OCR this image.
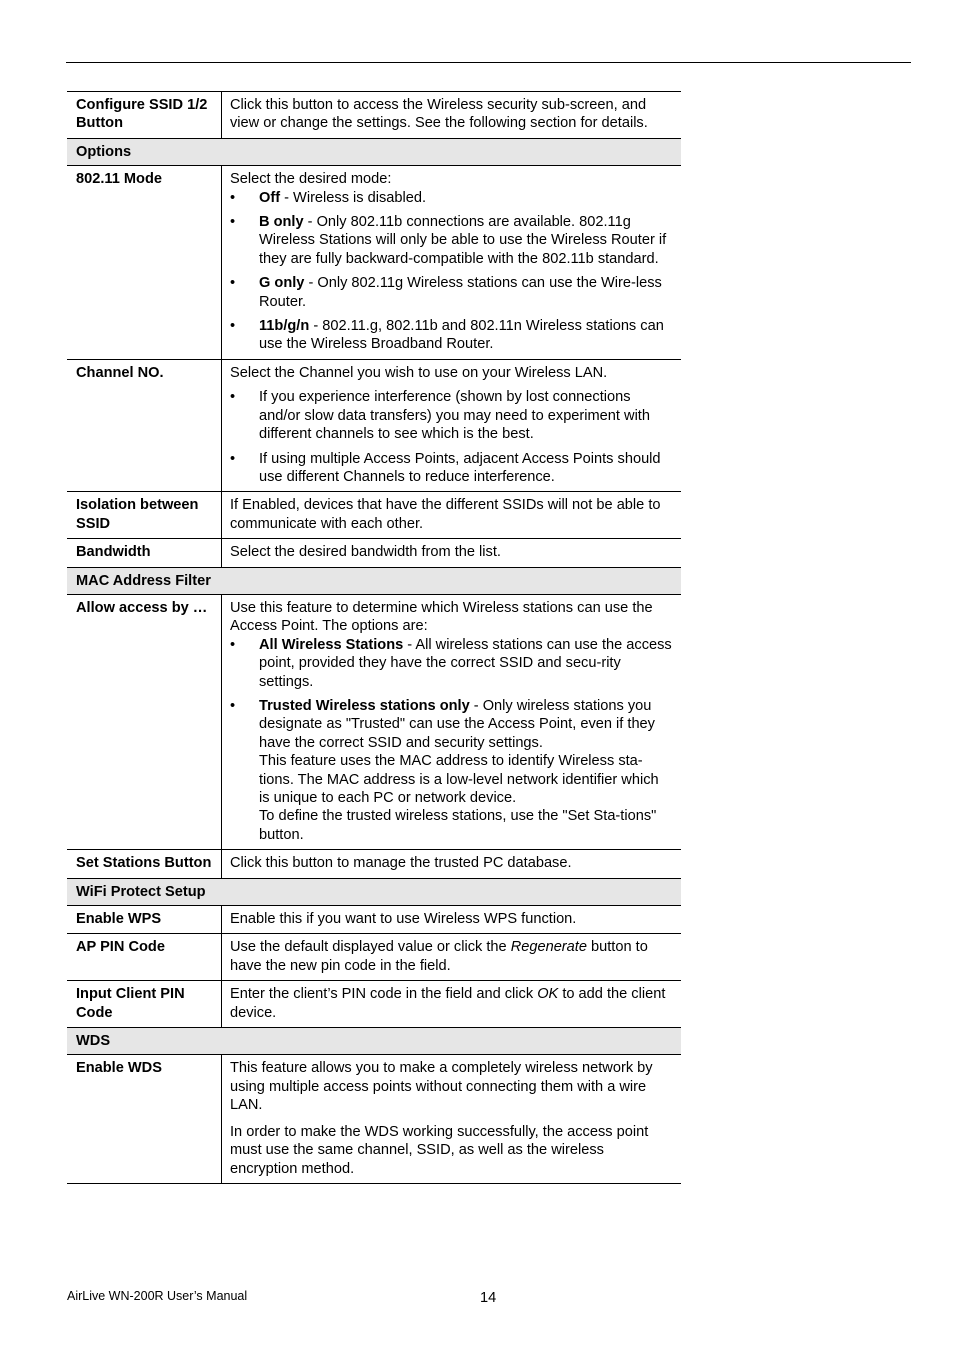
Configure SSID 1/2 Button	Click this button to access the Wireless security sub-screen, and view or change the settings. See the following section for details.
Options	
802.11 Mode	Select the desired mode:
• Off - Wireless is disabled.
• B only - Only 802.11b connections are available. 802.11g Wireless Stations will only be able to use the Wireless Router if they are fully backward-compatible with the 802.11b standard.
• G only - Only 802.11g Wireless stations can use the Wire-less Router.
• 11b/g/n - 802.11.g, 802.11b and 802.11n Wireless stations can use the Wireless Broadband Router.

Channel NO.	Select the Channel you wish to use on your Wireless LAN.
• If you experience interference (shown by lost connections and/or slow data transfers) you may need to experiment with different channels to see which is the best.
• If using multiple Access Points, adjacent Access Points should use different Channels to reduce interference.

Isolation between SSID	If Enabled, devices that have the different SSIDs will not be able to communicate with each other.
Bandwidth	Select the desired bandwidth from the list.
MAC Address Filter	
Allow access by …	Use this feature to determine which Wireless stations can use the Access Point. The options are:
• All Wireless Stations - All wireless stations can use the access point, provided they have the correct SSID and secu-rity settings.
• Trusted Wireless stations only - Only wireless stations you designate as "Trusted" can use the Access Point, even if they have the correct SSID and security settings.
This feature uses the MAC address to identify Wireless sta-tions. The MAC address is a low-level network identifier which is unique to each PC or network device.
To define the trusted wireless stations, use the "Set Sta-tions" button.

Set Stations Button	Click this button to manage the trusted PC database.
WiFi Protect Setup	
Enable WPS	Enable this if you want to use Wireless WPS function.
AP PIN Code	Use the default displayed value or click the Regenerate button to have the new pin code in the field.
Input Client PIN Code	Enter the client’s PIN code in the field and click OK to add the client device.
WDS	
Enable WDS	This feature allows you to make a completely wireless network by using multiple access points without connecting them with a wire LAN.
In order to make the WDS working successfully, the access point must use the same channel, SSID, as well as the wireless encryption method.
AirLive WN-200R User’s Manual	14
